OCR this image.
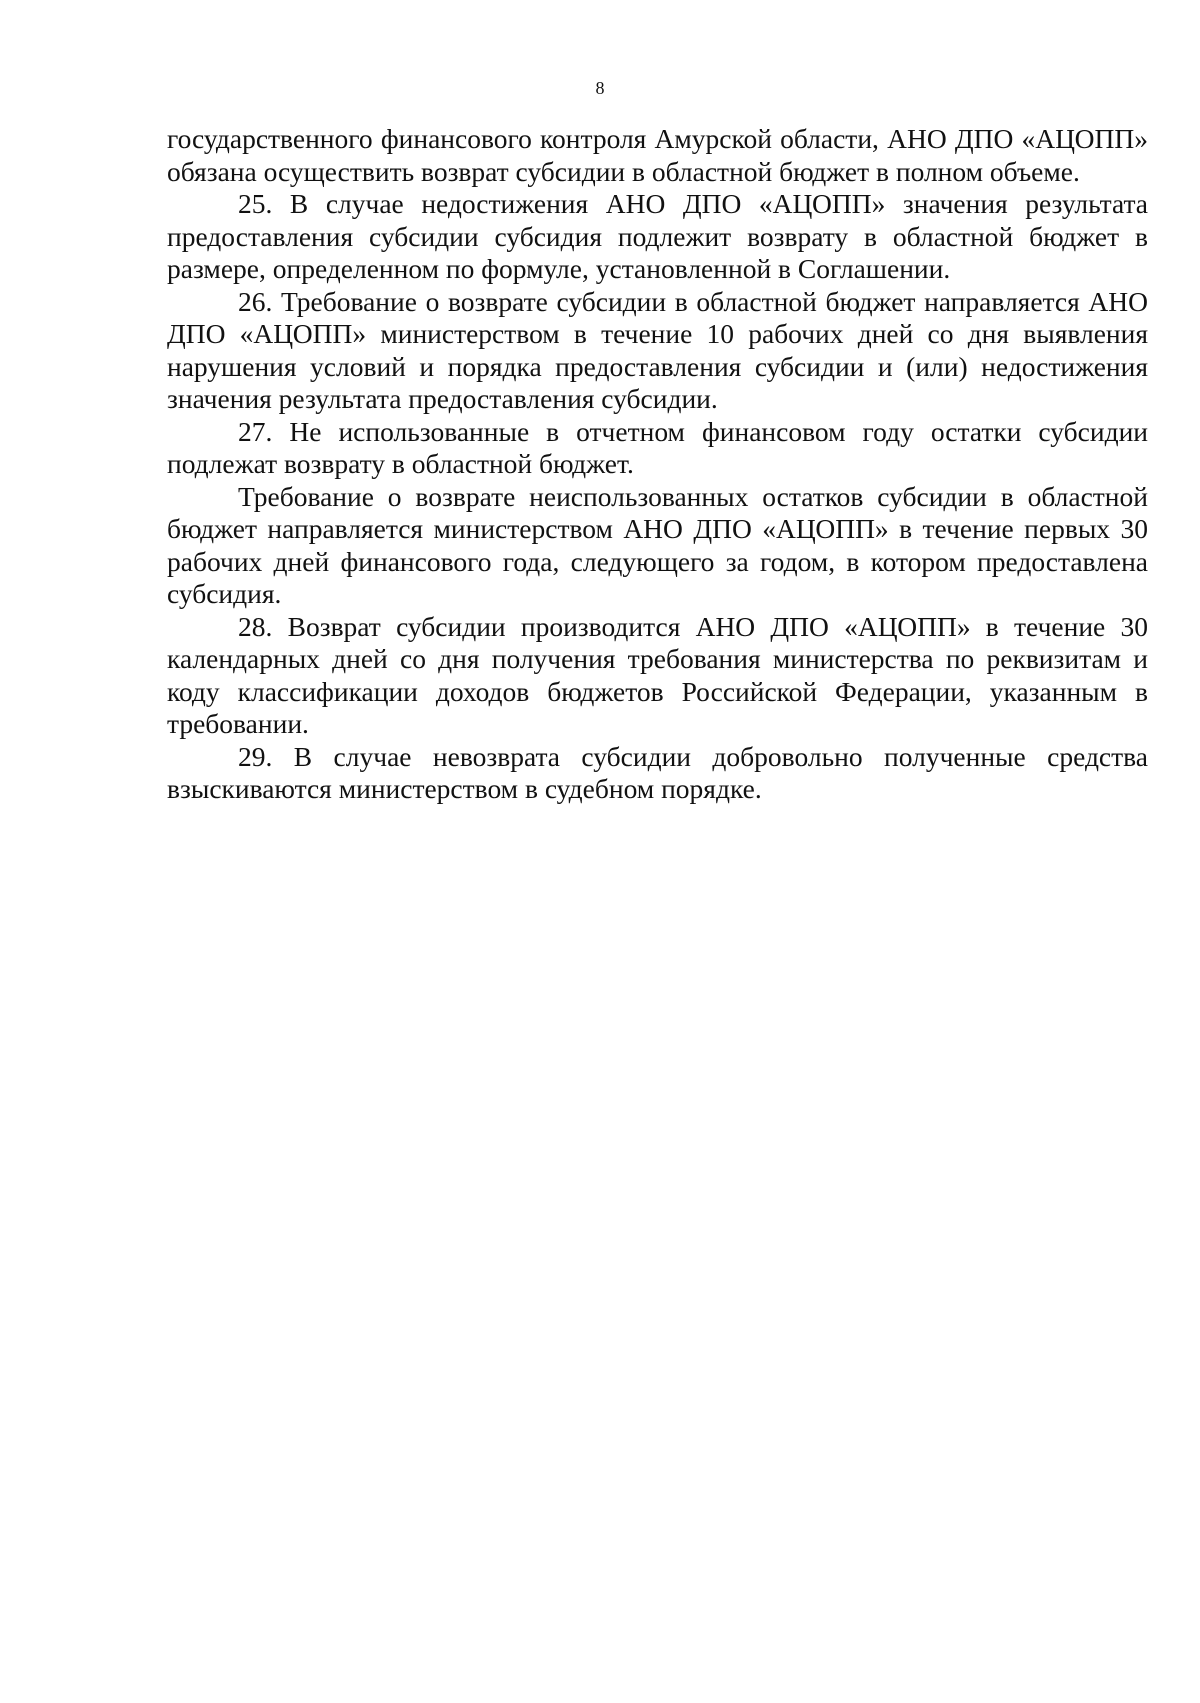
8

государственного финансового контроля Амурской области, АНО ДПО «АЦОПП» обязана осуществить возврат субсидии в областной бюджет в полном объеме.

25. В случае недостижения АНО ДПО «АЦОПП» значения результата предоставления субсидии субсидия подлежит возврату в областной бюджет в размере, определенном по формуле, установленной в Соглашении.

26. Требование о возврате субсидии в областной бюджет направляется АНО ДПО «АЦОПП» министерством в течение 10 рабочих дней со дня выявления нарушения условий и порядка предоставления субсидии и (или) недостижения значения результата предоставления субсидии.

27. Не использованные в отчетном финансовом году остатки субсидии подлежат возврату в областной бюджет.

Требование о возврате неиспользованных остатков субсидии в областной бюджет направляется министерством АНО ДПО «АЦОПП» в течение первых 30 рабочих дней финансового года, следующего за годом, в котором предоставлена субсидия.

28. Возврат субсидии производится АНО ДПО «АЦОПП» в течение 30 календарных дней со дня получения требования министерства по реквизитам и коду классификации доходов бюджетов Российской Федерации, указанным в требовании.

29. В случае невозврата субсидии добровольно полученные средства взыскиваются министерством в судебном порядке.
